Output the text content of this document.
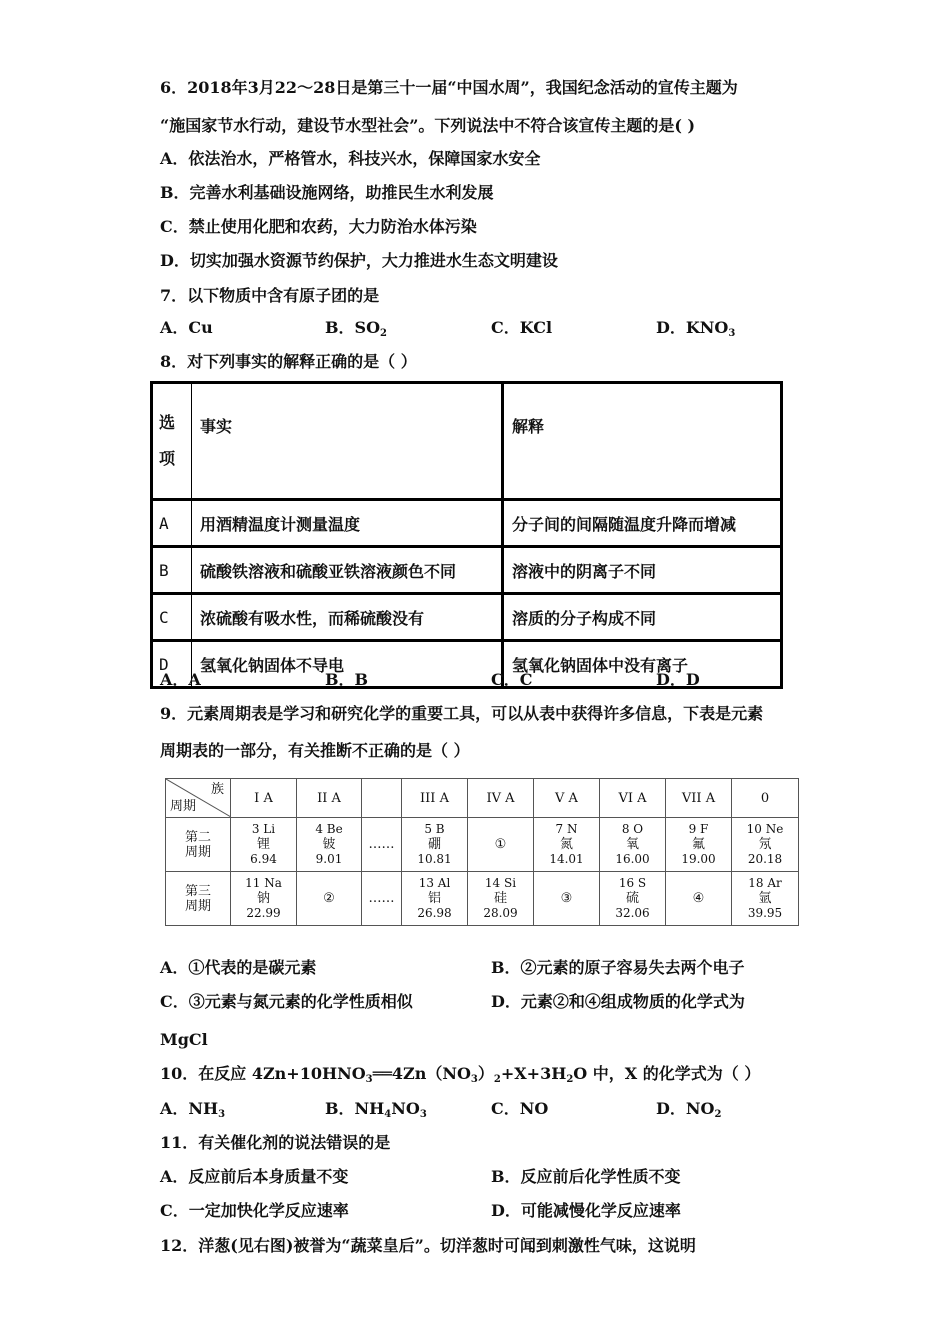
6．2018年3月22～28日是第三十一届“中国水周”，我国纪念活动的宣传主题为
“施国家节水行动，建设节水型社会”。下列说法中不符合该宣传主题的是( )
A．依法治水，严格管水，科技兴水，保障国家水安全
B．完善水利基础设施网络，助推民生水利发展
C．禁止使用化肥和农药，大力防治水体污染
D．切实加强水资源节约保护，大力推进水生态文明建设
7．以下物质中含有原子团的是
A．Cu	B．$SO_2$	C．KCl	D．$KNO_3$
8．对下列事实的解释正确的是（ ）
选
项	事实	解释
A	用酒精温度计测量温度	分子间的间隔随温度升降而增减
B	硫酸铁溶液和硫酸亚铁溶液颜色不同	溶液中的阴离子不同
C	浓硫酸有吸水性，而稀硫酸没有	溶质的分子构成不同
D	氢氧化钠固体不导电	氢氧化钠固体中没有离子
A．A	B．B	C．C	D．D
9．元素周期表是学习和研究化学的重要工具，可以从表中获得许多信息，下表是元素
周期表的一部分，有关推断不正确的是（ ）
族
周期	I A	II A		III A	IV A	V A	VI A	VII A	0

第二
周期	3 Li
锂
6.94	4 Be
铍
9.01	……	5 B
硼
10.81	①	7 N
氮
14.01	8 O
氧
16.00	9 F
氟
19.00	10 Ne
氖
20.18

第三
周期	11 Na
钠
22.99	②	……	13 Al
铝
26.98	14 Si
硅
28.09	③	16 S
硫
32.06	④	18 Ar
氩
39.95
A．①代表的是碳元素	B．②元素的原子容易失去两个电子
C．③元素与氮元素的化学性质相似	D．元素②和④组成物质的化学式为
MgCl
10．在反应 $4Zn+10HNO_3══4Zn(NO_3)_2+X+3H_2O$ 中，X 的化学式为（ ）
A．$NH_3$	B．$NH_4NO_3$	C．NO	D．$NO_2$
11．有关催化剂的说法错误的是
A．反应前后本身质量不变	B．反应前后化学性质不变
C．一定加快化学反应速率	D．可能减慢化学反应速率
12．洋葱(见右图)被誉为“蔬菜皇后”。切洋葱时可闻到刺激性气味，这说明
